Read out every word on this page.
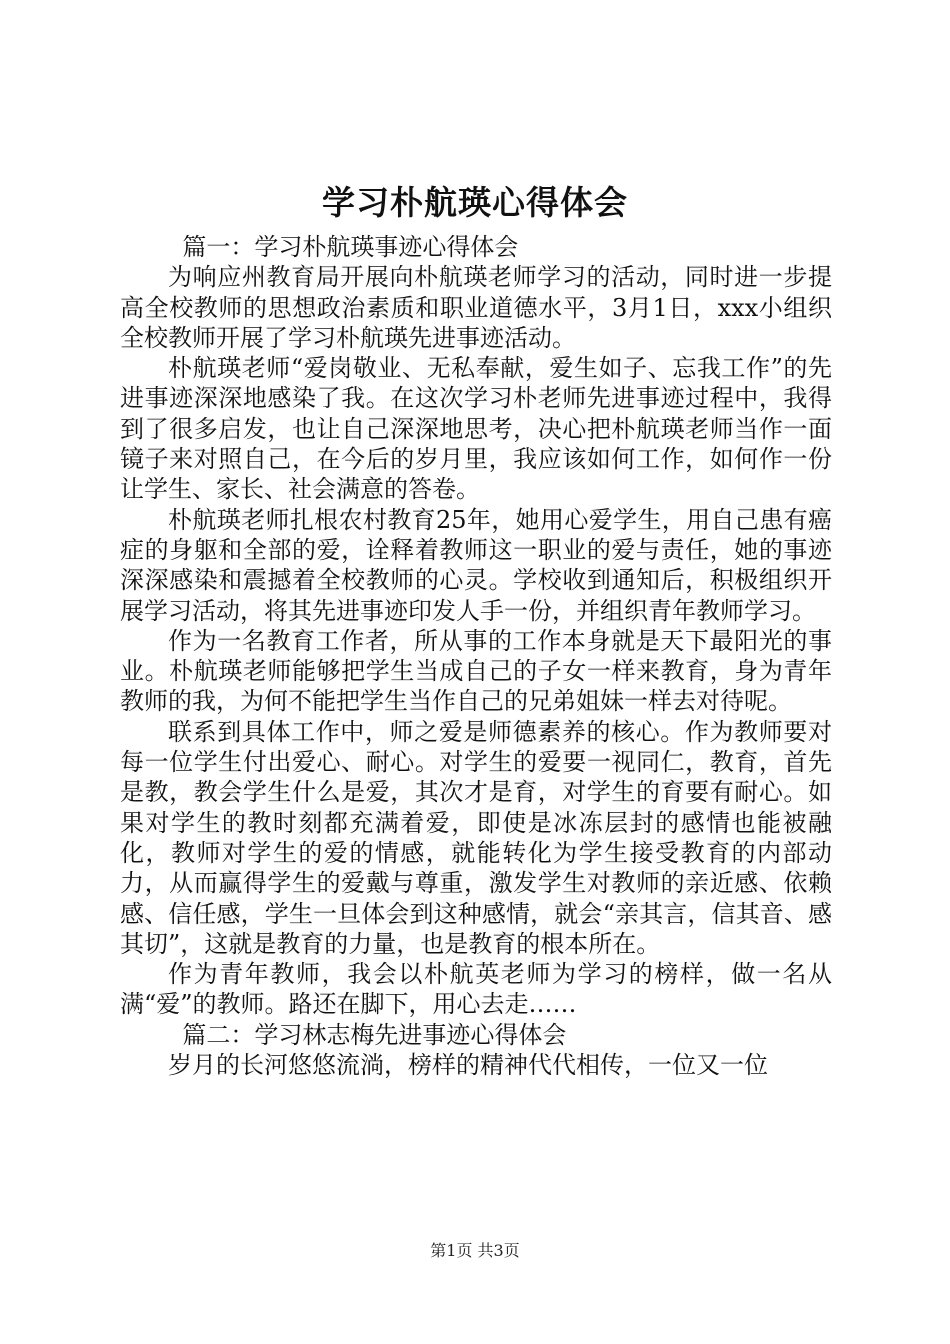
学习朴航瑛心得体会

篇一：学习朴航瑛事迹心得体会

为响应州教育局开展向朴航瑛老师学习的活动，同时进一步提高全校教师的思想政治素质和职业道德水平，3月1日，xxx小组织全校教师开展了学习朴航瑛先进事迹活动。

朴航瑛老师“爱岗敬业、无私奉献，爱生如子、忘我工作”的先进事迹深深地感染了我。在这次学习朴老师先进事迹过程中，我得到了很多启发，也让自己深深地思考，决心把朴航瑛老师当作一面镜子来对照自己，在今后的岁月里，我应该如何工作，如何作一份让学生、家长、社会满意的答卷。

朴航瑛老师扎根农村教育25年，她用心爱学生，用自己患有癌症的身躯和全部的爱，诠释着教师这一职业的爱与责任，她的事迹深深感染和震撼着全校教师的心灵。学校收到通知后，积极组织开展学习活动，将其先进事迹印发人手一份，并组织青年教师学习。

作为一名教育工作者，所从事的工作本身就是天下最阳光的事业。朴航瑛老师能够把学生当成自己的子女一样来教育，身为青年教师的我，为何不能把学生当作自己的兄弟姐妹一样去对待呢。

联系到具体工作中，师之爱是师德素养的核心。作为教师要对每一位学生付出爱心、耐心。对学生的爱要一视同仁，教育，首先是教，教会学生什么是爱，其次才是育，对学生的育要有耐心。如果对学生的教时刻都充满着爱，即使是冰冻层封的感情也能被融化，教师对学生的爱的情感，就能转化为学生接受教育的内部动力，从而赢得学生的爱戴与尊重，激发学生对教师的亲近感、依赖感、信任感，学生一旦体会到这种感情，就会“亲其言，信其音、感其切”，这就是教育的力量，也是教育的根本所在。

作为青年教师，我会以朴航英老师为学习的榜样，做一名从满“爱”的教师。路还在脚下，用心去走……

篇二：学习林志梅先进事迹心得体会

岁月的长河悠悠流淌，榜样的精神代代相传，一位又一位

第1页 共3页
